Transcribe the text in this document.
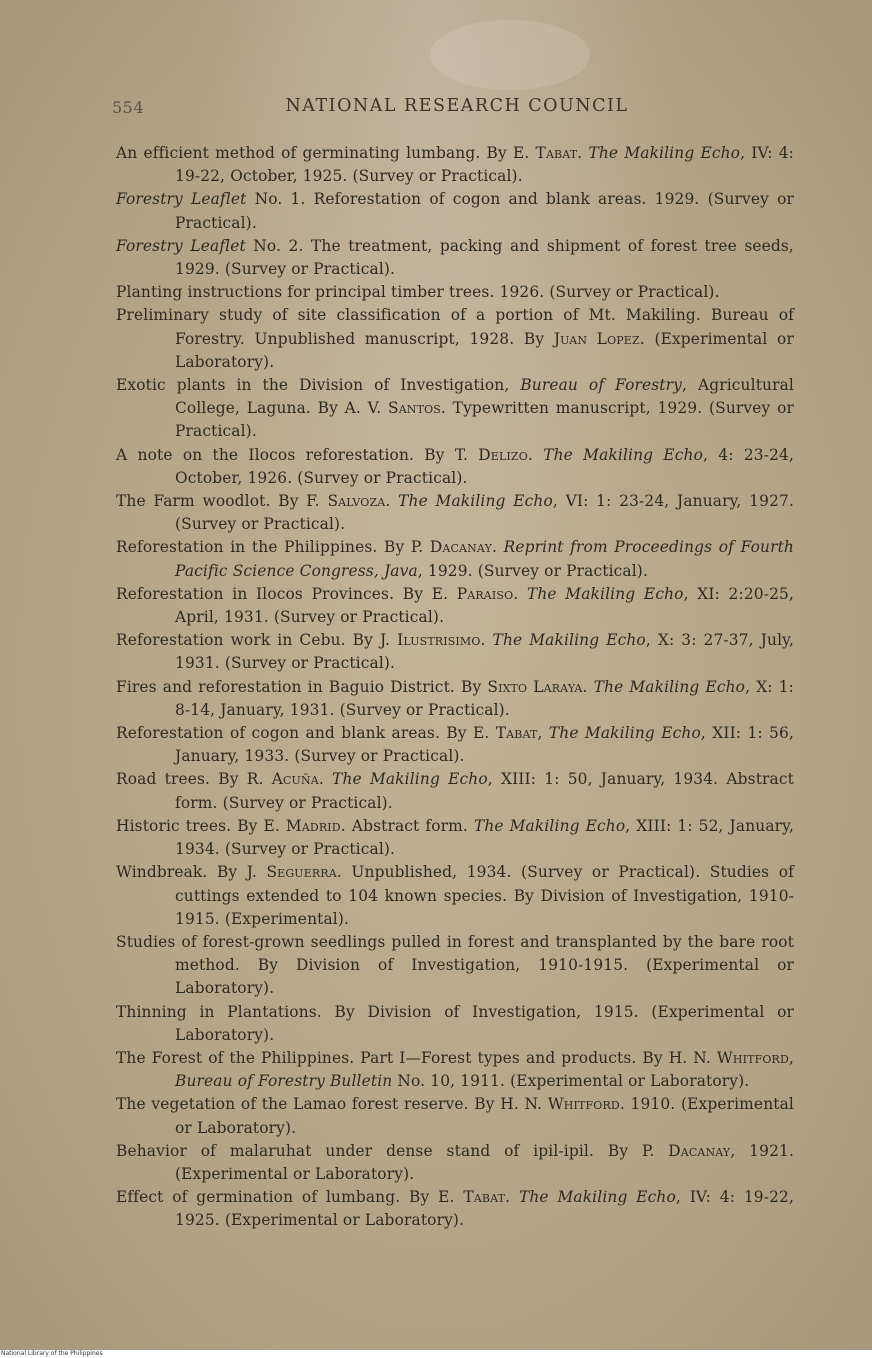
554	NATIONAL RESEARCH COUNCIL
An efficient method of germinating lumbang. By E. Tabat. The Makiling Echo, IV: 4: 19-22, October, 1925. (Survey or Practical).
Forestry Leaflet No. 1. Reforestation of cogon and blank areas. 1929. (Survey or Practical).
Forestry Leaflet No. 2. The treatment, packing and shipment of forest tree seeds, 1929. (Survey or Practical).
Planting instructions for principal timber trees. 1926. (Survey or Practical).
Preliminary study of site classification of a portion of Mt. Makiling. Bureau of Forestry. Unpublished manuscript, 1928. By Juan Lopez. (Experimental or Laboratory).
Exotic plants in the Division of Investigation, Bureau of Forestry, Agricultural College, Laguna. By A. V. Santos. Typewritten manuscript, 1929. (Survey or Practical).
A note on the Ilocos reforestation. By T. Delizo. The Makiling Echo, 4: 23-24, October, 1926. (Survey or Practical).
The Farm woodlot. By F. Salvoza. The Makiling Echo, VI: 1: 23-24, January, 1927. (Survey or Practical).
Reforestation in the Philippines. By P. Dacanay. Reprint from Proceedings of Fourth Pacific Science Congress, Java, 1929. (Survey or Practical).
Reforestation in Ilocos Provinces. By E. Paraiso. The Makiling Echo, XI: 2:20-25, April, 1931. (Survey or Practical).
Reforestation work in Cebu. By J. Ilustrisimo. The Makiling Echo, X: 3: 27-37, July, 1931. (Survey or Practical).
Fires and reforestation in Baguio District. By Sixto Laraya. The Makiling Echo, X: 1: 8-14, January, 1931. (Survey or Practical).
Reforestation of cogon and blank areas. By E. Tabat, The Makiling Echo, XII: 1: 56, January, 1933. (Survey or Practical).
Road trees. By R. Acuña. The Makiling Echo, XIII: 1: 50, January, 1934. Abstract form. (Survey or Practical).
Historic trees. By E. Madrid. Abstract form. The Makiling Echo, XIII: 1: 52, January, 1934. (Survey or Practical).
Windbreak. By J. Seguerra. Unpublished, 1934. (Survey or Practical). Studies of cuttings extended to 104 known species. By Division of Investigation, 1910-1915. (Experimental).
Studies of forest-grown seedlings pulled in forest and transplanted by the bare root method. By Division of Investigation, 1910-1915. (Experimental or Laboratory).
Thinning in Plantations. By Division of Investigation, 1915. (Experimental or Laboratory).
The Forest of the Philippines. Part I—Forest types and products. By H. N. Whitford, Bureau of Forestry Bulletin No. 10, 1911. (Experimental or Laboratory).
The vegetation of the Lamao forest reserve. By H. N. Whitford. 1910. (Experimental or Laboratory).
Behavior of malaruhat under dense stand of ipil-ipil. By P. Dacanay, 1921. (Experimental or Laboratory).
Effect of germination of lumbang. By E. Tabat. The Makiling Echo, IV: 4: 19-22, 1925. (Experimental or Laboratory).
National Library of the Philippines
